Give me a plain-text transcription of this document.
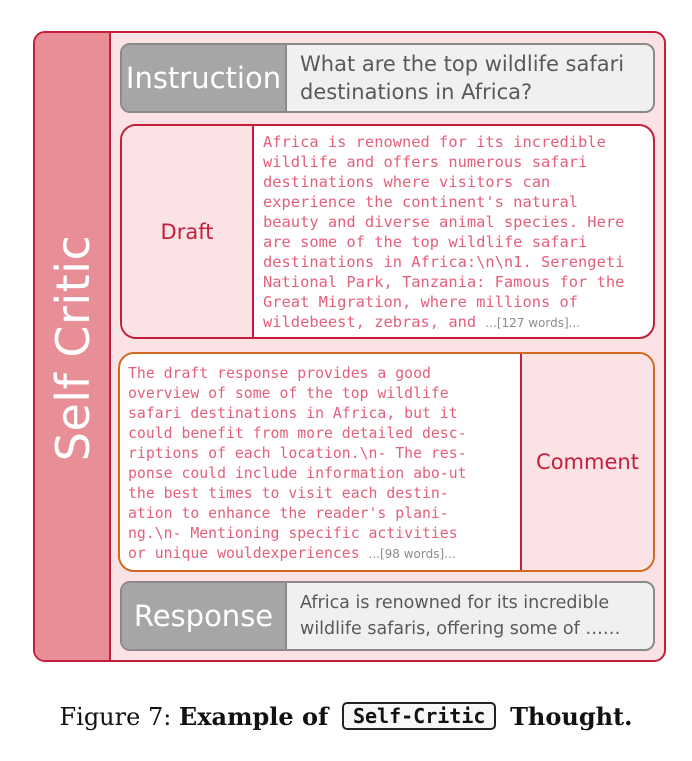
Self Critic
Instruction What are the top wildlife safari
destinations in Africa?
Draft
Africa is renowned for its incredible
wildlife and offers numerous safari
destinations where visitors can
experience the continent's natural
beauty and diverse animal species. Here
are some of the top wildlife safari
destinations in Africa:\n\n1. Serengeti
National Park, Tanzania: Famous for the
Great Migration, where millions of
wildebeest, zebras, and ...[127 words]...
The draft response provides a good
overview of some of the top wildlife
safari destinations in Africa, but it
could benefit from more detailed desc-
riptions of each location.\n- The res-
ponse could include information abo-ut
the best times to visit each destin-
ation to enhance the reader's plani-
ng.\n- Mentioning specific activities
or unique wouldexperiences ...[98 words]...
Comment
Response	Africa is renowned for its incredible
wildlife safaris, offering some of ……
Figure 7: Example of Self-Critic Thought.
